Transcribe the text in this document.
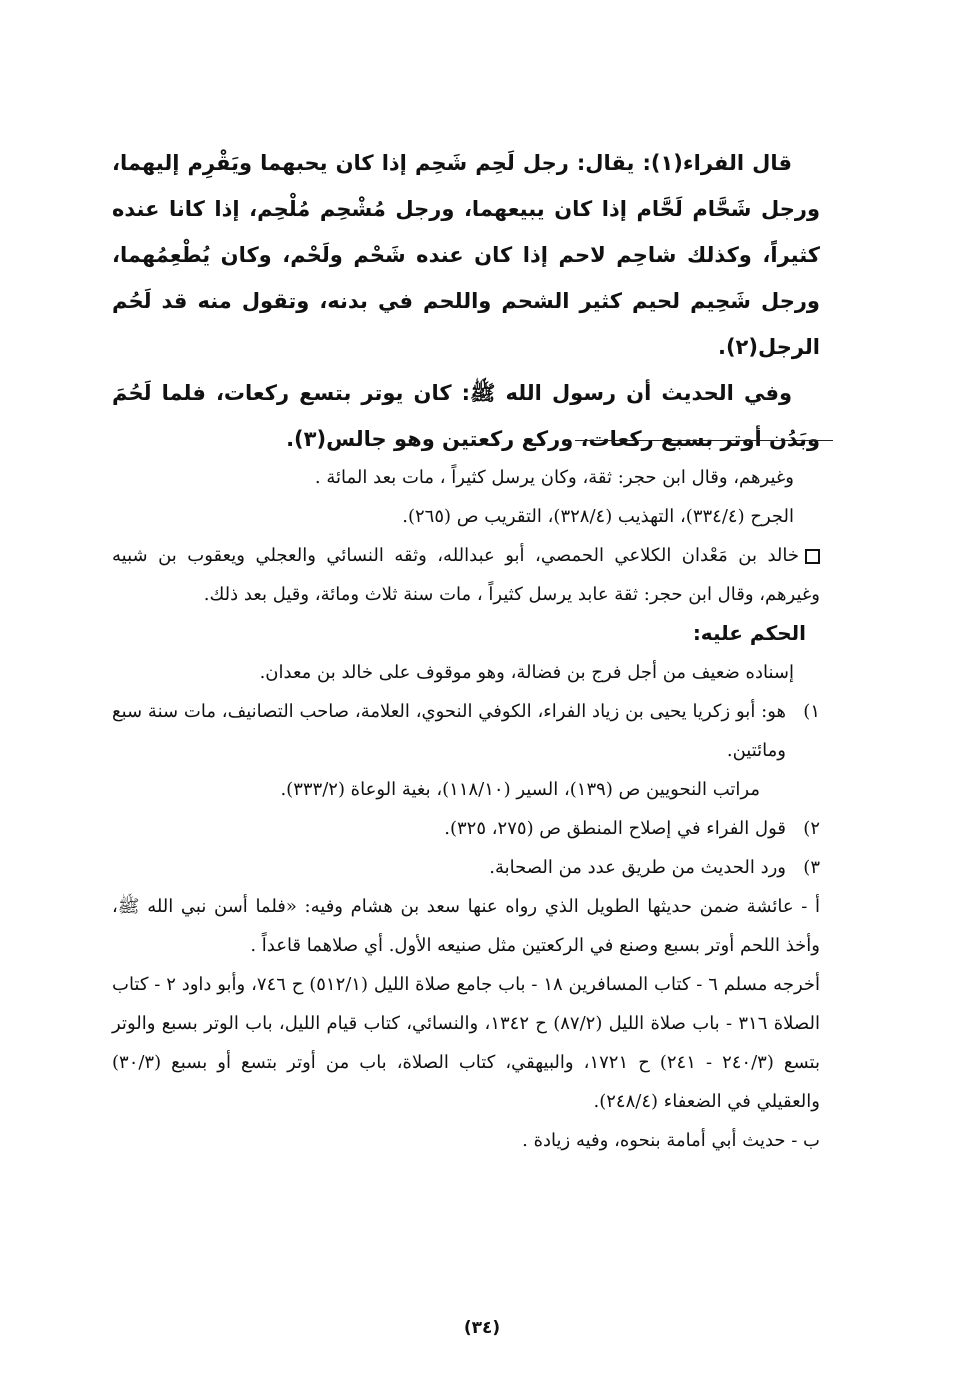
قال الفراء(١): يقال: رجل لَحِم شَحِم إذا كان يحبهما ويَقْرِم إليهما، ورجل شَحَّام لَحَّام إذا كان يبيعهما، ورجل مُشْحِم مُلْحِم، إذا كانا عنده كثيراً، وكذلك شاحِم لاحم إذا كان عنده شَحْم ولَحْم، وكان يُطْعِمُهما، ورجل شَحِيم لحيم كثير الشحم واللحم في بدنه، وتقول منه قد لَحُم الرجل(٢).

وفي الحديث أن رسول الله ﷺ: كان يوتر بتسع ركعات، فلما لَحُمَ وبَدُن أوتر بسبع ركعات، وركع ركعتين وهو جالس(٣).

وغيرهم، وقال ابن حجر: ثقة، وكان يرسل كثيراً ، مات بعد المائة .

الجرح (٣٣٤/٤)، التهذيب (٣٢٨/٤)، التقريب ص (٢٦٥).

خالد بن مَعْدان الكلاعي الحمصي، أبو عبدالله، وثقه النسائي والعجلي ويعقوب بن شبيه وغيرهم، وقال ابن حجر: ثقة عابد يرسل كثيراً ، مات سنة ثلاث ومائة، وقيل بعد ذلك.

الحكم عليه:

إسناده ضعيف من أجل فرج بن فضالة، وهو موقوف على خالد بن معدان.

١)

هو: أبو زكريا يحيى بن زياد الفراء، الكوفي النحوي، العلامة، صاحب التصانيف، مات سنة سبع ومائتين.

مراتب النحويين ص (١٣٩)، السير (١١٨/١٠)، بغية الوعاة (٣٣٣/٢).

٢)

قول الفراء في إصلاح المنطق ص (٢٧٥، ٣٢٥).

٣)

ورد الحديث من طريق عدد من الصحابة.

أ - عائشة ضمن حديثها الطويل الذي رواه عنها سعد بن هشام وفيه: «فلما أسن نبي الله ﷺ، وأخذ اللحم أوتر بسبع وصنع في الركعتين مثل صنيعه الأول. أي صلاهما قاعداً .

أخرجه مسلم ٦ - كتاب المسافرين ١٨ - باب جامع صلاة الليل (٥١٢/١) ح ٧٤٦، وأبو داود ٢ - كتاب الصلاة ٣١٦ - باب صلاة الليل (٨٧/٢) ح ١٣٤٢، والنسائي، كتاب قيام الليل، باب الوتر بسبع والوتر بتسع (٢٤٠/٣ - ٢٤١) ح ١٧٢١، والبيهقي، كتاب الصلاة، باب من أوتر بتسع أو بسبع (٣٠/٣) والعقيلي في الضعفاء (٢٤٨/٤).

ب - حديث أبي أمامة بنحوه، وفيه زيادة .

(٣٤)
